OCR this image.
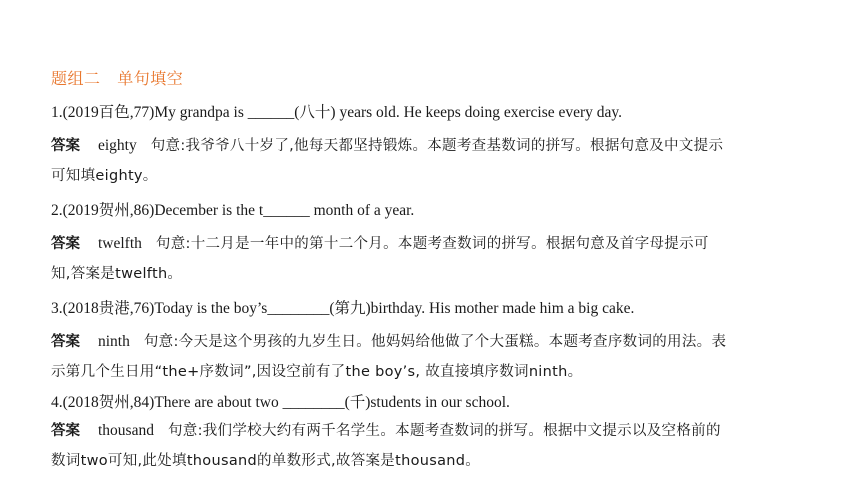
题组二   单句填空
1.(2019百色,77)My grandpa is ______(八十) years old. He keeps doing exercise every day.
答案 eighty 句意:我爷爷八十岁了,他每天都坚持锻炼。本题考查基数词的拼写。根据句意及中文提示
可知填eighty。
2.(2019贺州,86)December is the t______ month of a year.
答案 twelfth 句意:十二月是一年中的第十二个月。本题考查数词的拼写。根据句意及首字母提示可
知,答案是twelfth。
3.(2018贵港,76)Today is the boy’s________(第九)birthday. His mother made him a big cake.
答案 ninth 句意:今天是这个男孩的九岁生日。他妈妈给他做了个大蛋糕。本题考查序数词的用法。表
示第几个生日用“the+序数词”,因设空前有了the boy’s, 故直接填序数词ninth。
4.(2018贺州,84)There are about two ________(千)students in our school.
答案 thousand 句意:我们学校大约有两千名学生。本题考查数词的拼写。根据中文提示以及空格前的
数词two可知,此处填thousand的单数形式,故答案是thousand。
